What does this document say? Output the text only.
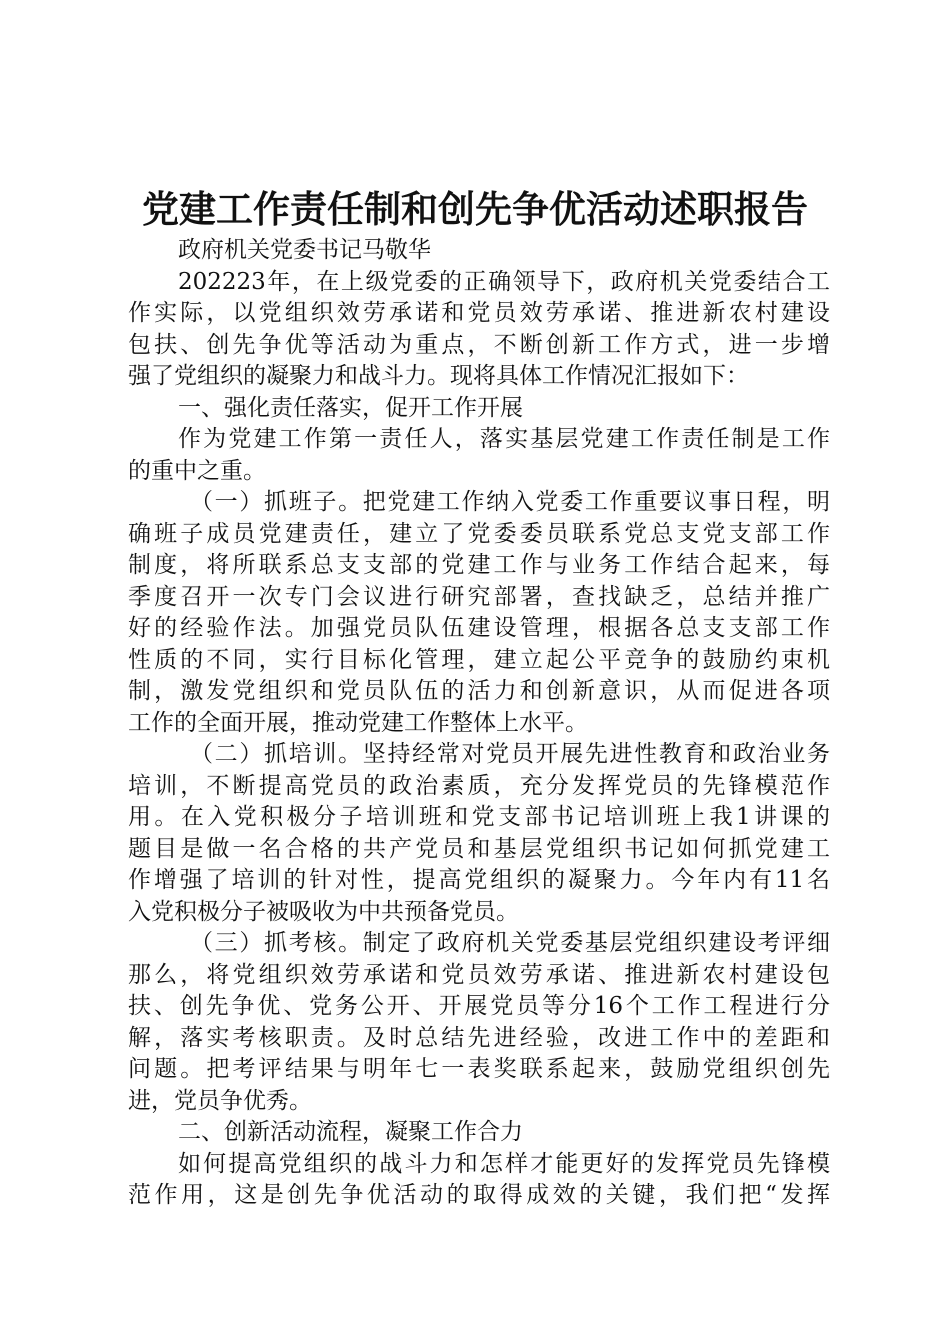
党建工作责任制和创先争优活动述职报告
政府机关党委书记马敬华
202223年，在上级党委的正确领导下，政府机关党委结合工
作实际，以党组织效劳承诺和党员效劳承诺、推进新农村建设
包扶、创先争优等活动为重点，不断创新工作方式，进一步增
强了党组织的凝聚力和战斗力。现将具体工作情况汇报如下：
一、强化责任落实，促开工作开展
作为党建工作第一责任人，落实基层党建工作责任制是工作
的重中之重。
（一）抓班子。把党建工作纳入党委工作重要议事日程，明
确班子成员党建责任，建立了党委委员联系党总支党支部工作
制度，将所联系总支支部的党建工作与业务工作结合起来，每
季度召开一次专门会议进行研究部署，查找缺乏，总结并推广
好的经验作法。加强党员队伍建设管理，根据各总支支部工作
性质的不同，实行目标化管理，建立起公平竞争的鼓励约束机
制，激发党组织和党员队伍的活力和创新意识，从而促进各项
工作的全面开展，推动党建工作整体上水平。
（二）抓培训。坚持经常对党员开展先进性教育和政治业务
培训，不断提高党员的政治素质，充分发挥党员的先锋模范作
用。在入党积极分子培训班和党支部书记培训班上我1讲课的
题目是做一名合格的共产党员和基层党组织书记如何抓党建工
作增强了培训的针对性，提高党组织的凝聚力。今年内有11名
入党积极分子被吸收为中共预备党员。
（三）抓考核。制定了政府机关党委基层党组织建设考评细
那么，将党组织效劳承诺和党员效劳承诺、推进新农村建设包
扶、创先争优、党务公开、开展党员等分16个工作工程进行分
解，落实考核职责。及时总结先进经验，改进工作中的差距和
问题。把考评结果与明年七一表奖联系起来，鼓励党组织创先
进，党员争优秀。
二、创新活动流程，凝聚工作合力
如何提高党组织的战斗力和怎样才能更好的发挥党员先锋模
范作用，这是创先争优活动的取得成效的关键，我们把“发挥
